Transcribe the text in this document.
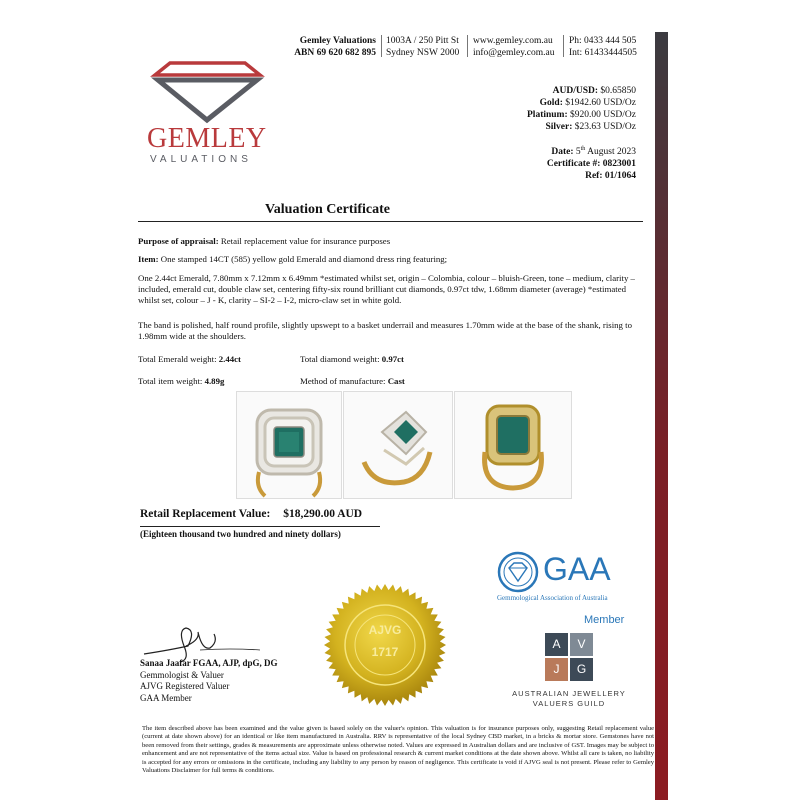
Gemley Valuations
ABN 69 620 682 895
1003A / 250 Pitt St
Sydney NSW 2000
www.gemley.com.au
info@gemley.com.au
Ph: 0433 444 505
Int: 61433444505
GEMLEY
VALUATIONS
AUD/USD: $0.65850
Gold: $1942.60 USD/Oz
Platinum: $920.00 USD/Oz
Silver: $23.63 USD/Oz
Date: 5th August 2023
Certificate #: 0823001
Ref: 01/1064
Valuation Certificate
Purpose of appraisal: Retail replacement value for insurance purposes
Item: One stamped 14CT (585) yellow gold Emerald and diamond dress ring featuring;
One 2.44ct Emerald, 7.80mm x 7.12mm x 6.49mm *estimated whilst set, origin – Colombia, colour – bluish-Green, tone – medium, clarity – included, emerald cut, double claw set, centering fifty-six round brilliant cut diamonds, 0.97ct tdw, 1.68mm diameter (average) *estimated whilst set, colour – J - K, clarity – SI-2 – I-2, micro-claw set in white gold.
The band is polished, half round profile, slightly upswept to a basket underrail and measures 1.70mm wide at the base of the shank, rising to 1.98mm wide at the shoulders.
Total Emerald weight: 2.44ct	Total diamond weight: 0.97ct
Total item weight: 4.89g	Method of manufacture: Cast
Retail Replacement Value: $18,290.00 AUD
(Eighteen thousand two hundred and ninety dollars)
GAA
Gemmological Association of Australia
Member
AJVG
1717
A	V
J	G
AUSTRALIAN JEWELLERY
VALUERS GUILD
Sanaa Jaafar FGAA, AJP, dpG, DG
Gemmologist & Valuer
AJVG Registered Valuer
GAA Member
The item described above has been examined and the value given is based solely on the valuer's opinion. This valuation is for insurance purposes only, suggesting Retail replacement value (current at date shown above) for an identical or like item manufactured in Australia. RRV is representative of the local Sydney CBD market, in a bricks & mortar store. Gemstones have not been removed from their settings, grades & measurements are approximate unless otherwise noted. Values are expressed in Australian dollars and are inclusive of GST. Images may be subject to enhancement and are not representative of the items actual size. Value is based on professional research & current market conditions at the date shown above. Whilst all care is taken, no liability is accepted for any errors or omissions in the certificate, including any liability to any person by reason of negligence. This certificate is void if AJVG seal is not present. Please refer to Gemley Valuations Disclaimer for full terms & conditions.
